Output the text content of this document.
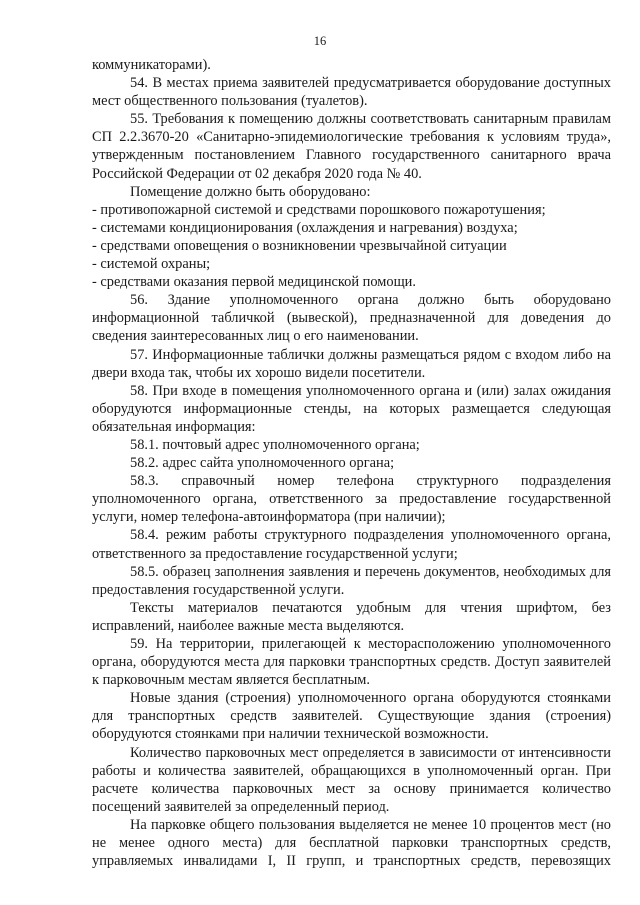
16

коммуникаторами).

54. В местах приема заявителей предусматривается оборудование доступных мест общественного пользования (туалетов).

55. Требования к помещению должны соответствовать санитарным правилам СП 2.2.3670-20 «Санитарно-эпидемиологические требования к условиям труда», утвержденным постановлением Главного государственного санитарного врача Российской Федерации от 02 декабря 2020 года № 40.

Помещение должно быть оборудовано:

- противопожарной системой и средствами порошкового пожаротушения;

- системами кондиционирования (охлаждения и нагревания) воздуха;

- средствами оповещения о возникновении чрезвычайной ситуации

- системой охраны;

- средствами оказания первой медицинской помощи.

56. Здание уполномоченного органа должно быть оборудовано информационной табличкой (вывеской), предназначенной для доведения до сведения заинтересованных лиц о его наименовании.

57. Информационные таблички должны размещаться рядом с входом либо на двери входа так, чтобы их хорошо видели посетители.

58. При входе в помещения уполномоченного органа и (или) залах ожидания оборудуются информационные стенды, на которых размещается следующая обязательная информация:

58.1. почтовый адрес уполномоченного органа;

58.2. адрес сайта уполномоченного органа;

58.3. справочный номер телефона структурного подразделения уполномоченного органа, ответственного за предоставление государственной услуги, номер телефона-автоинформатора (при наличии);

58.4. режим работы структурного подразделения уполномоченного органа, ответственного за предоставление государственной услуги;

58.5. образец заполнения заявления и перечень документов, необходимых для предоставления государственной услуги.

Тексты материалов печатаются удобным для чтения шрифтом, без исправлений, наиболее важные места выделяются.

59. На территории, прилегающей к месторасположению уполномоченного органа, оборудуются места для парковки транспортных средств. Доступ заявителей к парковочным местам является бесплатным.

Новые здания (строения) уполномоченного органа оборудуются стоянками для транспортных средств заявителей. Существующие здания (строения) оборудуются стоянками при наличии технической возможности.

Количество парковочных мест определяется в зависимости от интенсивности работы и количества заявителей, обращающихся в уполномоченный орган. При расчете количества парковочных мест за основу принимается количество посещений заявителей за определенный период.

На парковке общего пользования выделяется не менее 10 процентов мест (но не менее одного места) для бесплатной парковки транспортных средств, управляемых инвалидами I, II групп, и транспортных средств, перевозящих
